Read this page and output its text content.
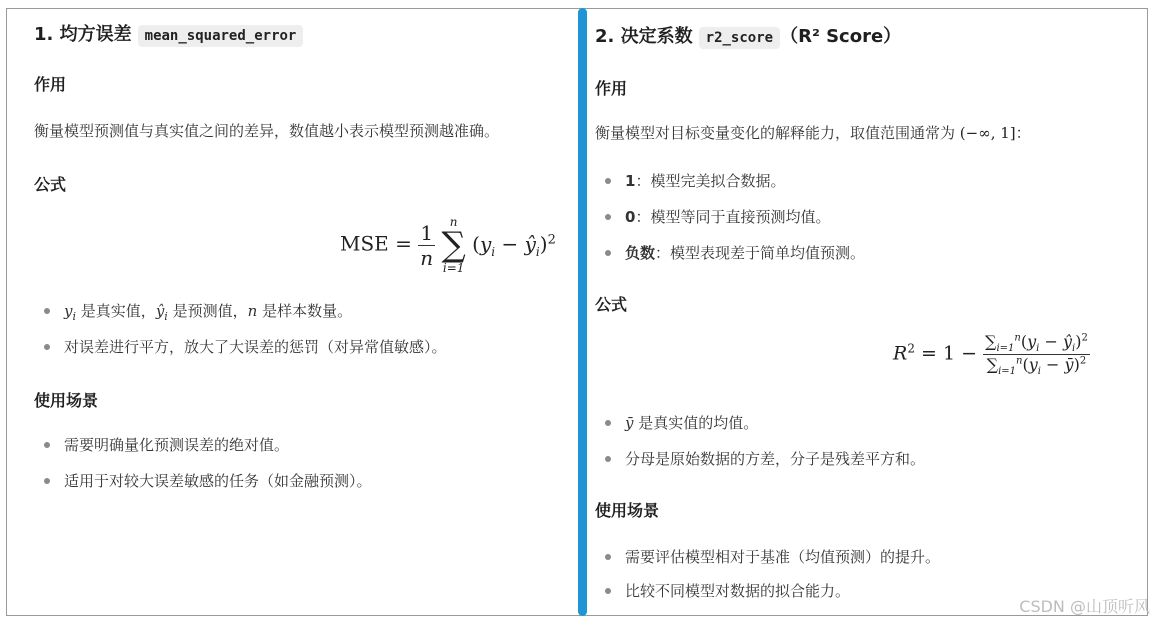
1. 均方误差 mean_squared_error
作用
衡量模型预测值与真实值之间的差异，数值越小表示模型预测越准确。
公式
MSE = $\frac{1}{n}$
	n
∑
i=1
($y_i$ − $ŷ_i)^2$
$y_i$ 是真实值，$ŷ_i$ 是预测值，n 是样本数量。
对误差进行平方，放大了大误差的惩罚（对异常值敏感）。
使用场景
需要明确量化预测误差的绝对值。
适用于对较大误差敏感的任务（如金融预测）。
2. 决定系数 r2_score （R² Score）
作用
衡量模型对目标变量变化的解释能力，取值范围通常为 (−∞, 1]：
1：模型完美拟合数据。
0：模型等同于直接预测均值。
负数：模型表现差于简单均值预测。
公式
$R^2 = 1 - \frac{\sum_{i=1}^n(y_i - ŷ_i)^2}{\sum_{i=1}^n(y_i - ȳ)^2}$
ȳ 是真实值的均值。
分母是原始数据的方差，分子是残差平方和。
使用场景
需要评估模型相对于基准（均值预测）的提升。
比较不同模型对数据的拟合能力。
CSDN @山顶听风
